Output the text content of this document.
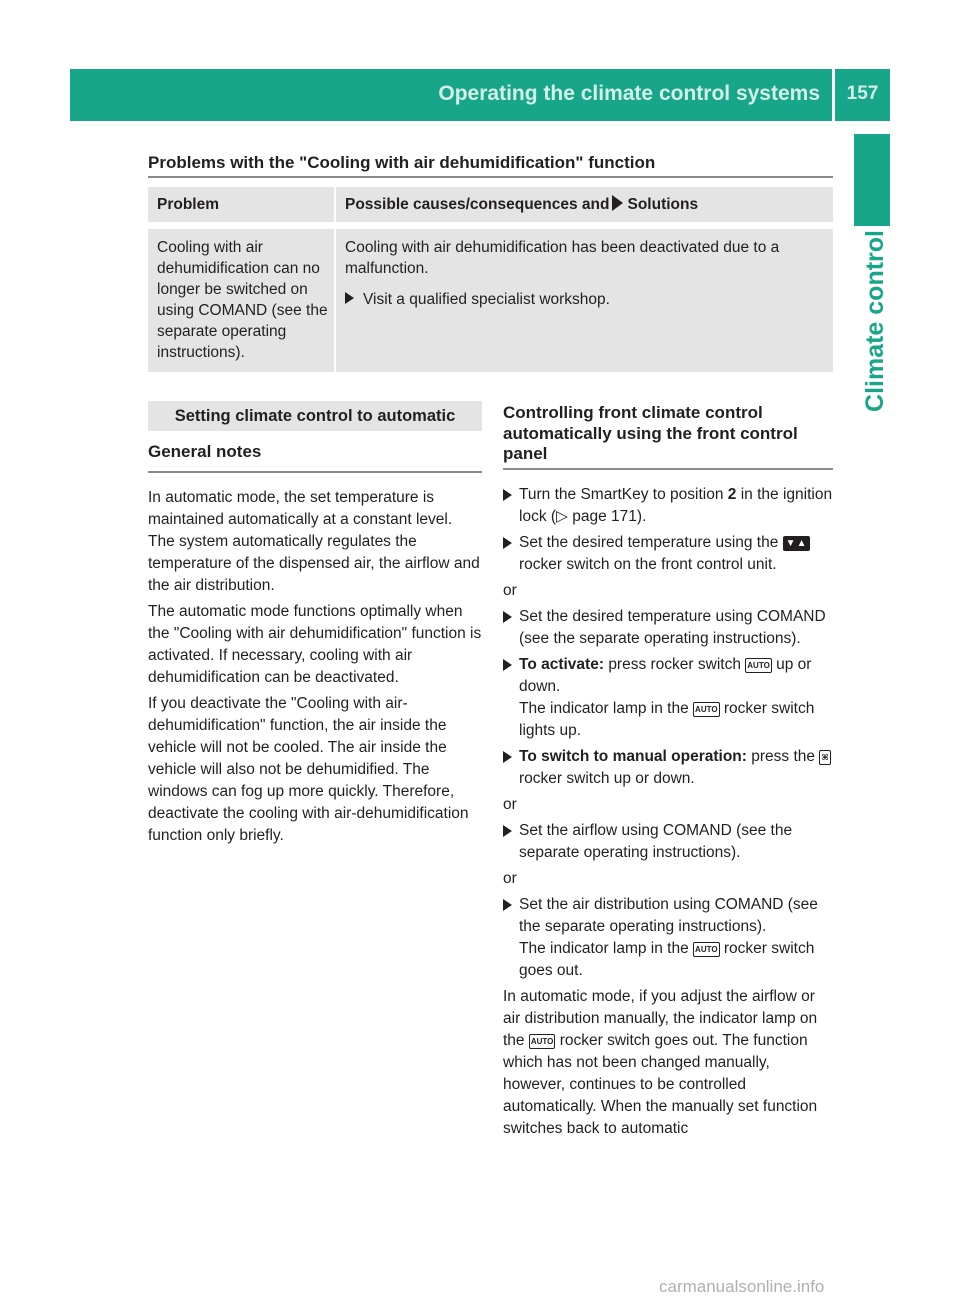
Operating the climate control systems	157
Climate control
Problems with the "Cooling with air dehumidification" function
Problem	Possible causes/consequences and Solutions
Cooling with air dehumidification can no longer be switched on using COMAND (see the separate operating instructions).

Cooling with air dehumidification has been deactivated due to a malfunction.

Visit a qualified specialist workshop.

Setting climate control to automatic
General notes

In automatic mode, the set temperature is maintained automatically at a constant level. The system automatically regulates the temperature of the dispensed air, the airflow and the air distribution.

The automatic mode functions optimally when the "Cooling with air dehumidification" function is activated. If necessary, cooling with air dehumidification can be deactivated.

If you deactivate the "Cooling with air-dehumidification" function, the air inside the vehicle will not be cooled. The air inside the vehicle will also not be dehumidified. The windows can fog up more quickly. Therefore, deactivate the cooling with air-dehumidification function only briefly.

Controlling front climate control automatically using the front control panel

Turn the SmartKey to position 2 in the ignition lock (▷ page 171).

Set the desired temperature using the ▼▲ rocker switch on the front control unit.

or

Set the desired temperature using COMAND (see the separate operating instructions).

To activate: press rocker switch AUTO up or down.
The indicator lamp in the AUTO rocker switch lights up.

To switch to manual operation: press the ⌘ rocker switch up or down.

or

Set the airflow using COMAND (see the separate operating instructions).

or

Set the air distribution using COMAND (see the separate operating instructions).
The indicator lamp in the AUTO rocker switch goes out.

In automatic mode, if you adjust the airflow or air distribution manually, the indicator lamp on the AUTO rocker switch goes out. The function which has not been changed manually, however, continues to be controlled automatically. When the manually set function switches back to automatic

carmanualsonline.info
